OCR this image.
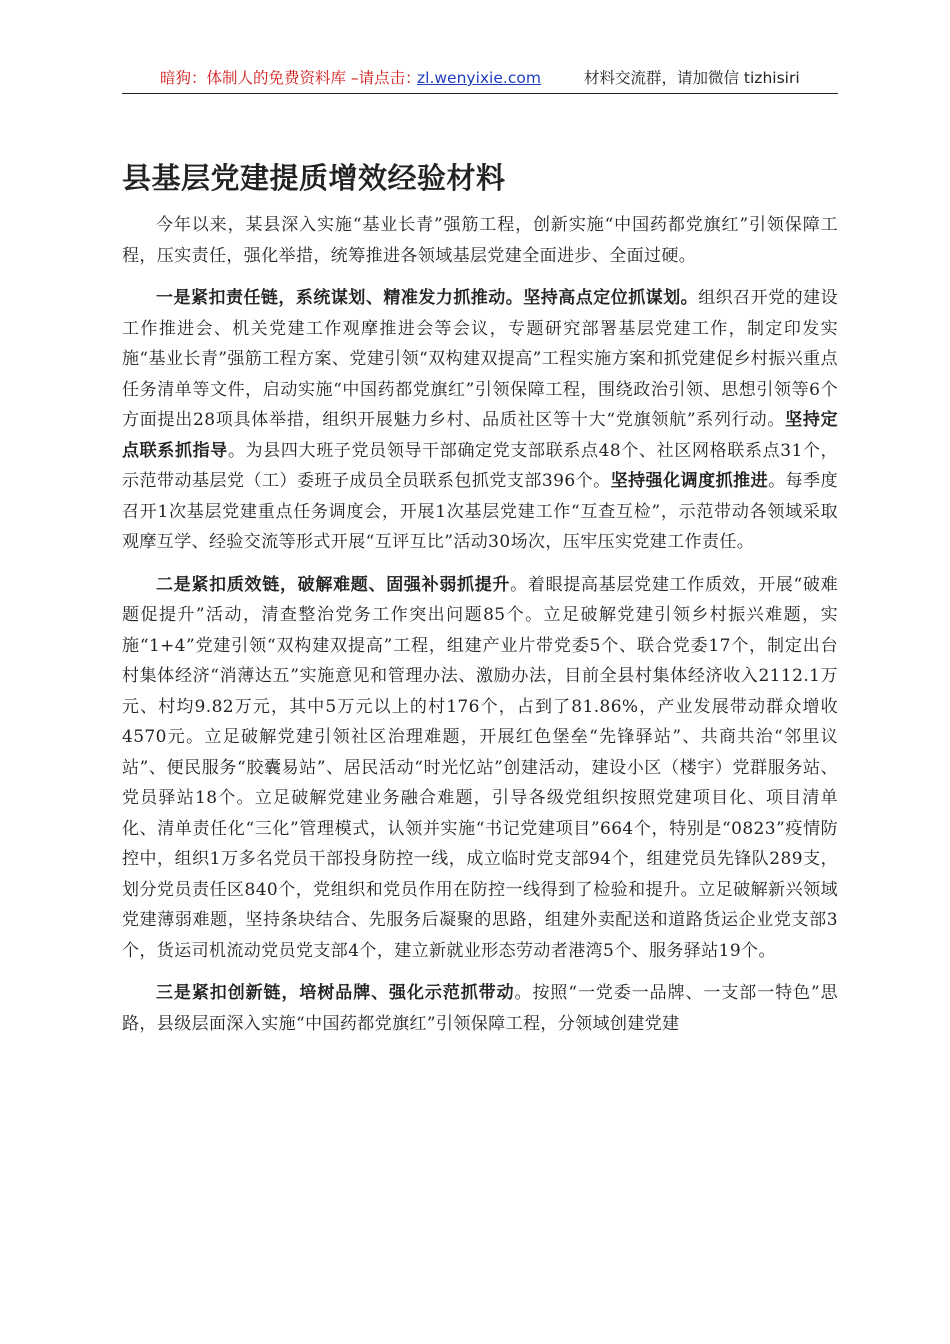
暗狗：体制人的免费资料库 –请点击：
zl.wenyixie.com	材料交流群，请加微信 tizhisiri
县基层党建提质增效经验材料

今年以来，某县深入实施“基业长青”强筋工程，创新实施“中国药都党旗红”引领保障工程，压实责任，强化举措，统筹推进各领域基层党建全面进步、全面过硬。

一是紧扣责任链，系统谋划、精准发力抓推动。坚持高点定位抓谋划。组织召开党的建设工作推进会、机关党建工作观摩推进会等会议，专题研究部署基层党建工作，制定印发实施“基业长青”强筋工程方案、党建引领“双构建双提高”工程实施方案和抓党建促乡村振兴重点任务清单等文件，启动实施“中国药都党旗红”引领保障工程，围绕政治引领、思想引领等6个方面提出28项具体举措，组织开展魅力乡村、品质社区等十大“党旗领航”系列行动。坚持定点联系抓指导。为县四大班子党员领导干部确定党支部联系点48个、社区网格联系点31个，示范带动基层党（工）委班子成员全员联系包抓党支部396个。坚持强化调度抓推进。每季度召开1次基层党建重点任务调度会，开展1次基层党建工作“互查互检”，示范带动各领域采取观摩互学、经验交流等形式开展“互评互比”活动30场次，压牢压实党建工作责任。

二是紧扣质效链，破解难题、固强补弱抓提升。着眼提高基层党建工作质效，开展“破难题促提升”活动，清查整治党务工作突出问题85个。立足破解党建引领乡村振兴难题，实施“1+4”党建引领“双构建双提高”工程，组建产业片带党委5个、联合党委17个，制定出台村集体经济“消薄达五”实施意见和管理办法、激励办法，目前全县村集体经济收入2112.1万元、村均9.82万元，其中5万元以上的村176个，占到了81.86%，产业发展带动群众增收4570元。立足破解党建引领社区治理难题，开展红色堡垒“先锋驿站”、共商共治“邻里议站”、便民服务“胶囊易站”、居民活动“时光忆站”创建活动，建设小区（楼宇）党群服务站、党员驿站18个。立足破解党建业务融合难题，引导各级党组织按照党建项目化、项目清单化、清单责任化“三化”管理模式，认领并实施“书记党建项目”664个，特别是“0823”疫情防控中，组织1万多名党员干部投身防控一线，成立临时党支部94个，组建党员先锋队289支，划分党员责任区840个，党组织和党员作用在防控一线得到了检验和提升。立足破解新兴领域党建薄弱难题，坚持条块结合、先服务后凝聚的思路，组建外卖配送和道路货运企业党支部3个，货运司机流动党员党支部4个，建立新就业形态劳动者港湾5个、服务驿站19个。

三是紧扣创新链，培树品牌、强化示范抓带动。按照“一党委一品牌、一支部一特色”思路，县级层面深入实施“中国药都党旗红”引领保障工程，分领域创建党建
